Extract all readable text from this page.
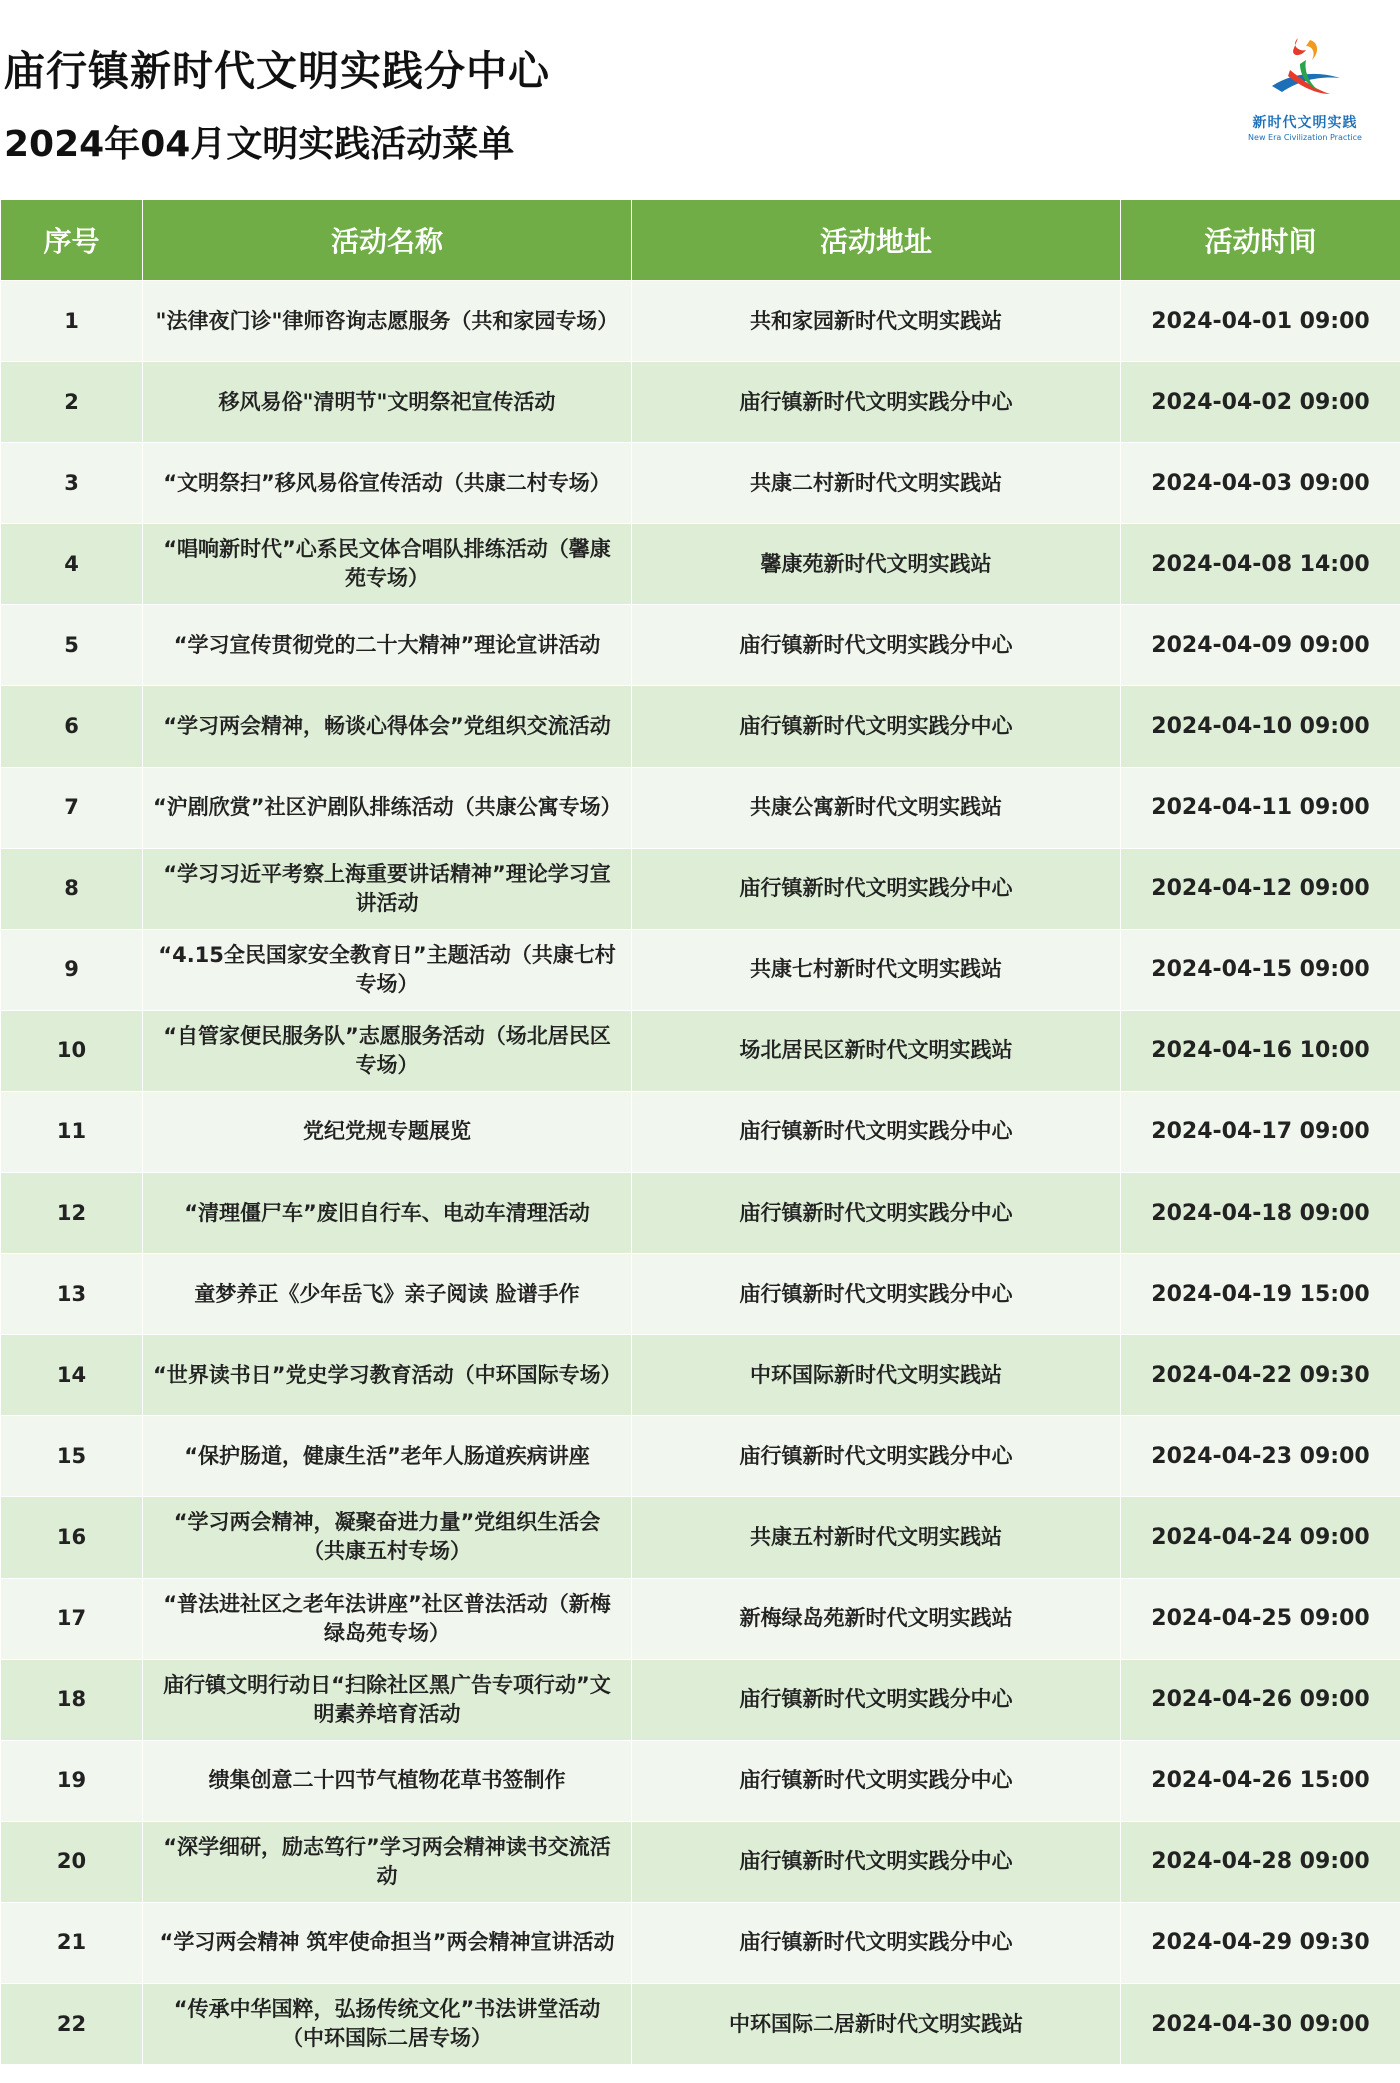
庙行镇新时代文明实践分中心
2024年04月文明实践活动菜单
新时代文明实践
New Era Civilization Practice
序号	活动名称	活动地址	活动时间
1	"法律夜门诊"律师咨询志愿服务（共和家园专场）	共和家园新时代文明实践站	2024-04-01 09:00
2	移风易俗"清明节"文明祭祀宣传活动	庙行镇新时代文明实践分中心	2024-04-02 09:00
3	“文明祭扫”移风易俗宣传活动（共康二村专场）	共康二村新时代文明实践站	2024-04-03 09:00
4	“唱响新时代”心系民文体合唱队排练活动（馨康苑专场）	馨康苑新时代文明实践站	2024-04-08 14:00
5	“学习宣传贯彻党的二十大精神”理论宣讲活动	庙行镇新时代文明实践分中心	2024-04-09 09:00
6	“学习两会精神，畅谈心得体会”党组织交流活动	庙行镇新时代文明实践分中心	2024-04-10 09:00
7	“沪剧欣赏”社区沪剧队排练活动（共康公寓专场）	共康公寓新时代文明实践站	2024-04-11 09:00
8	“学习习近平考察上海重要讲话精神”理论学习宣讲活动	庙行镇新时代文明实践分中心	2024-04-12 09:00
9	“4.15全民国家安全教育日”主题活动（共康七村专场）	共康七村新时代文明实践站	2024-04-15 09:00
10	“自管家便民服务队”志愿服务活动（场北居民区专场）	场北居民区新时代文明实践站	2024-04-16 10:00
11	党纪党规专题展览	庙行镇新时代文明实践分中心	2024-04-17 09:00
12	“清理僵尸车”废旧自行车、电动车清理活动	庙行镇新时代文明实践分中心	2024-04-18 09:00
13	童梦养正《少年岳飞》亲子阅读 脸谱手作	庙行镇新时代文明实践分中心	2024-04-19 15:00
14	“世界读书日”党史学习教育活动（中环国际专场）	中环国际新时代文明实践站	2024-04-22 09:30
15	“保护肠道，健康生活”老年人肠道疾病讲座	庙行镇新时代文明实践分中心	2024-04-23 09:00
16	“学习两会精神，凝聚奋进力量”党组织生活会（共康五村专场）	共康五村新时代文明实践站	2024-04-24 09:00
17	“普法进社区之老年法讲座”社区普法活动（新梅绿岛苑专场）	新梅绿岛苑新时代文明实践站	2024-04-25 09:00
18	庙行镇文明行动日“扫除社区黑广告专项行动”文明素养培育活动	庙行镇新时代文明实践分中心	2024-04-26 09:00
19	缋集创意二十四节气植物花草书签制作	庙行镇新时代文明实践分中心	2024-04-26 15:00
20	“深学细研，励志笃行”学习两会精神读书交流活动	庙行镇新时代文明实践分中心	2024-04-28 09:00
21	“学习两会精神 筑牢使命担当”两会精神宣讲活动	庙行镇新时代文明实践分中心	2024-04-29 09:30
22	“传承中华国粹，弘扬传统文化”书法讲堂活动（中环国际二居专场）	中环国际二居新时代文明实践站	2024-04-30 09:00
